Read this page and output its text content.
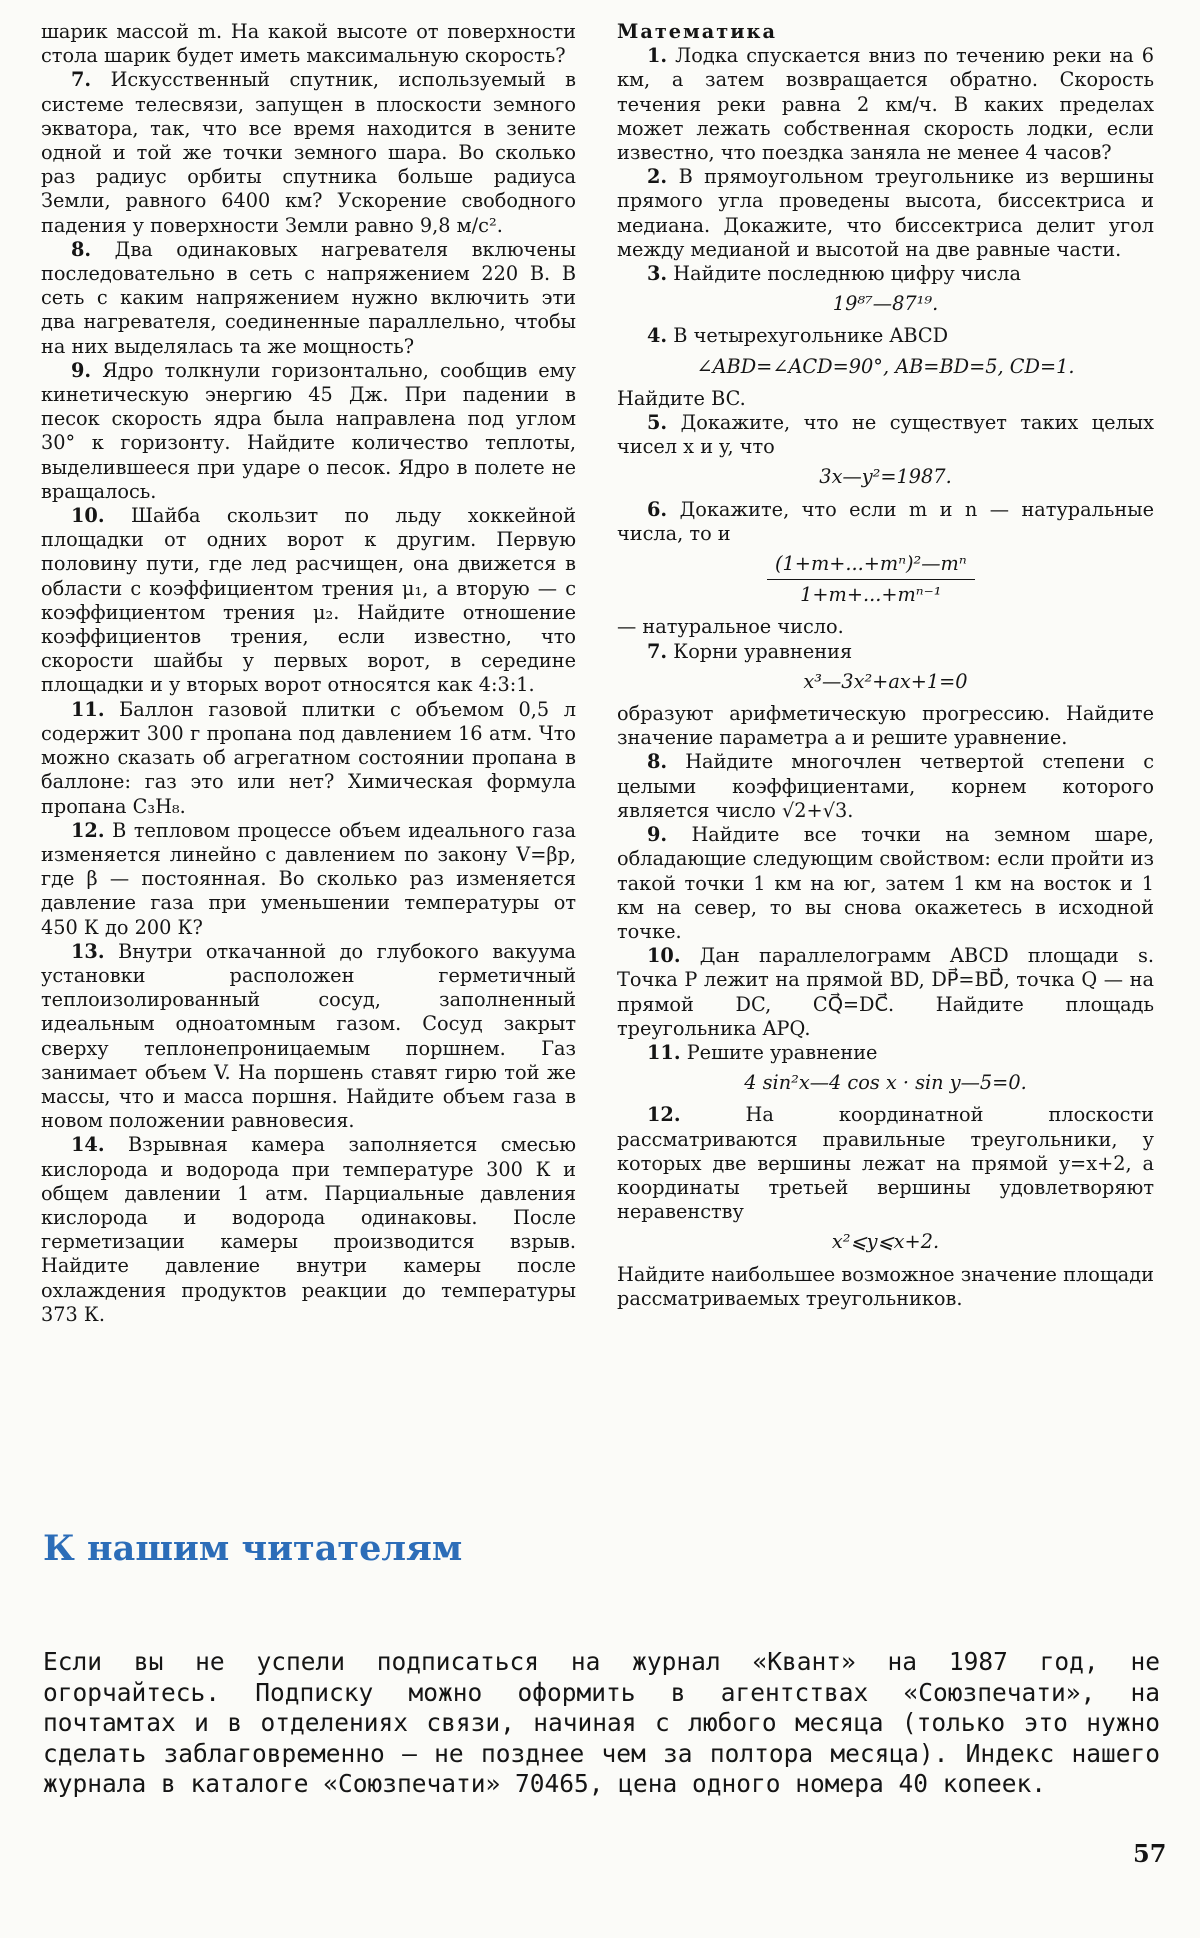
шарик массой m. На какой высоте от поверхности стола шарик будет иметь максимальную скорость?

7. Искусственный спутник, используемый в системе телесвязи, запущен в плоскости земного экватора, так, что все время находится в зените одной и той же точки земного шара. Во сколько раз радиус орбиты спутника больше радиуса Земли, равного 6400 км? Ускорение свободного падения у поверхности Земли равно 9,8 м/с².

8. Два одинаковых нагревателя включены последовательно в сеть с напряжением 220 В. В сеть с каким напряжением нужно включить эти два нагревателя, соединенные параллельно, чтобы на них выделялась та же мощность?

9. Ядро толкнули горизонтально, сообщив ему кинетическую энергию 45 Дж. При падении в песок скорость ядра была направлена под углом 30° к горизонту. Найдите количество теплоты, выделившееся при ударе о песок. Ядро в полете не вращалось.

10. Шайба скользит по льду хоккейной площадки от одних ворот к другим. Первую половину пути, где лед расчищен, она движется в области с коэффициентом трения μ₁, а вторую — с коэффициентом трения μ₂. Найдите отношение коэффициентов трения, если известно, что скорости шайбы у первых ворот, в середине площадки и у вторых ворот относятся как 4:3:1.

11. Баллон газовой плитки с объемом 0,5 л содержит 300 г пропана под давлением 16 атм. Что можно сказать об агрегатном состоянии пропана в баллоне: газ это или нет? Химическая формула пропана C₃H₈.

12. В тепловом процессе объем идеального газа изменяется линейно с давлением по закону V=βp, где β — постоянная. Во сколько раз изменяется давление газа при уменьшении температуры от 450 К до 200 К?

13. Внутри откачанной до глубокого вакуума установки расположен герметичный теплоизолированный сосуд, заполненный идеальным одноатомным газом. Сосуд закрыт сверху теплонепроницаемым поршнем. Газ занимает объем V. На поршень ставят гирю той же массы, что и масса поршня. Найдите объем газа в новом положении равновесия.

14. Взрывная камера заполняется смесью кислорода и водорода при температуре 300 К и общем давлении 1 атм. Парциальные давления кислорода и водорода одинаковы. После герметизации камеры производится взрыв. Найдите давление внутри камеры после охлаждения продуктов реакции до температуры 373 К.

Математика

1. Лодка спускается вниз по течению реки на 6 км, а затем возвращается обратно. Скорость течения реки равна 2 км/ч. В каких пределах может лежать собственная скорость лодки, если известно, что поездка заняла не менее 4 часов?

2. В прямоугольном треугольнике из вершины прямого угла проведены высота, биссектриса и медиана. Докажите, что биссектриса делит угол между медианой и высотой на две равные части.

3. Найдите последнюю цифру числа

19⁸⁷—87¹⁹.

4. В четырехугольнике ABCD

∠ABD=∠ACD=90°, AB=BD=5, CD=1.

Найдите BC.

5. Докажите, что не существует таких целых чисел x и y, что

3x—y²=1987.

6. Докажите, что если m и n — натуральные числа, то и

$\frac{\text{(1+m+...+mⁿ)²—mⁿ}}{\text{1+m+...+mⁿ⁻¹}}$

— натуральное число.

7. Корни уравнения

x³—3x²+ax+1=0

образуют арифметическую прогрессию. Найдите значение параметра a и решите уравнение.

8. Найдите многочлен четвертой степени с целыми коэффициентами, корнем которого является число √2+√3.

9. Найдите все точки на земном шаре, обладающие следующим свойством: если пройти из такой точки 1 км на юг, затем 1 км на восток и 1 км на север, то вы снова окажетесь в исходной точке.

10. Дан параллелограмм ABCD площади s. Точка P лежит на прямой BD, DP⃗=BD⃗, точка Q — на прямой DC, CQ⃗=DC⃗. Найдите площадь треугольника APQ.

11. Решите уравнение

4 sin²x—4 cos x · sin y—5=0.

12.	На координатной плоскости рассматриваются правильные треугольники, у которых две вершины лежат на прямой y=x+2, а координаты третьей вершины удовлетворяют неравенству

x²⩽y⩽x+2.

Найдите наибольшее возможное значение площади рассматриваемых треугольников.

К нашим читателям

Если вы не успели подписаться на журнал «Квант» на 1987 год, не огорчайтесь. Подписку можно оформить в агентствах «Союзпечати», на почтамтах и в отделениях связи, начиная с любого месяца (только это нужно сделать заблаговременно — не позднее чем за полтора месяца). Индекс нашего журнала в каталоге «Союзпечати» 70465, цена одного номера 40 копеек.

57
